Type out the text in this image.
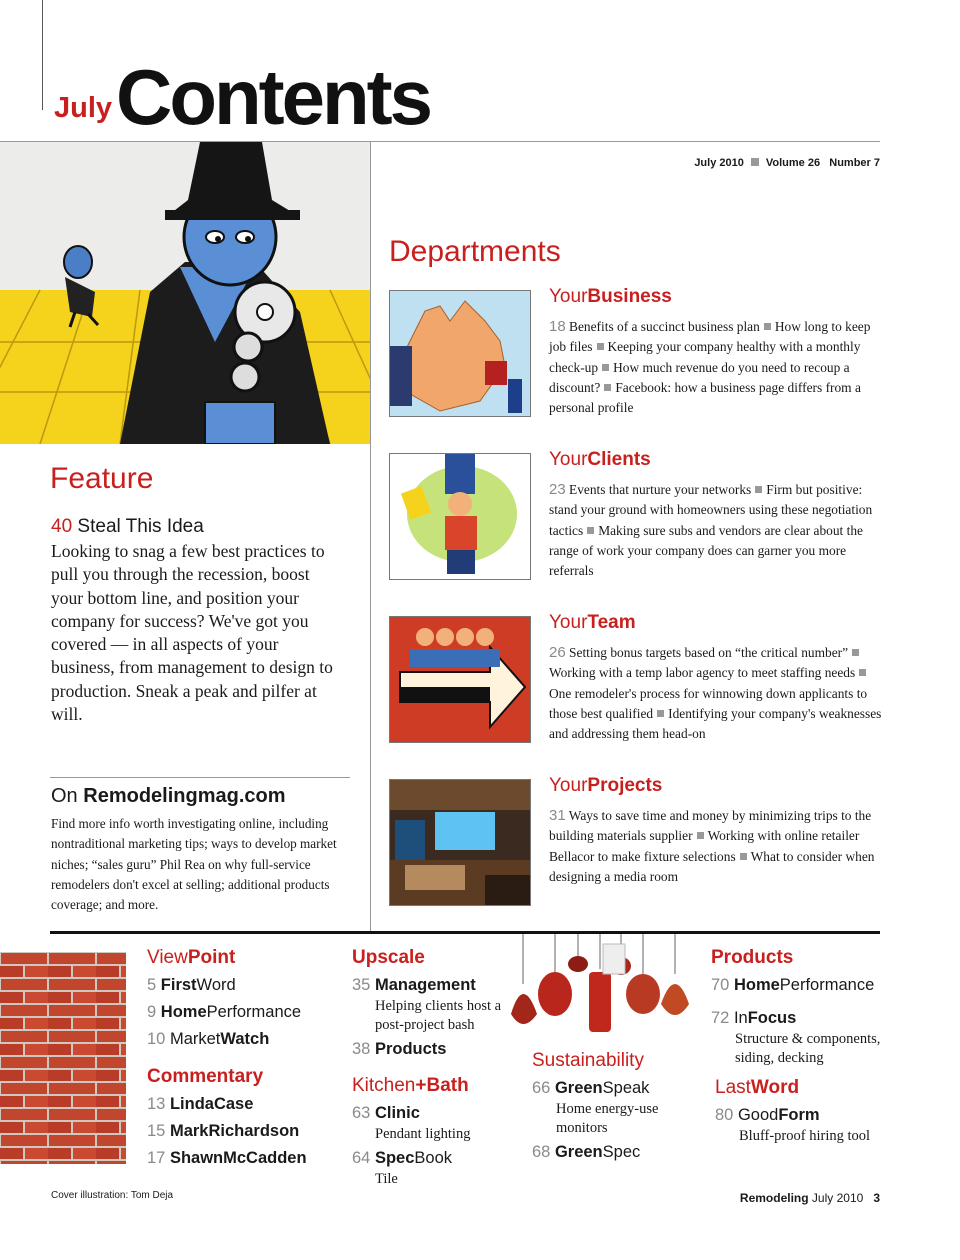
July Contents
July 2010 Volume 26 Number 7
Feature
40 Steal This Idea
Looking to snag a few best practices to pull you through the recession, boost your bottom line, and position your company for success? We've got you covered — in all aspects of your business, from management to design to production. Sneak a peak and pilfer at will.
On Remodelingmag.com
Find more info worth investigating online, including nontraditional marketing tips; ways to develop market niches; “sales guru” Phil Rea on why full-service remodelers don't excel at selling; additional products coverage; and more.
Departments
YourBusiness
18 Benefits of a succinct business plan How long to keep job files Keeping your company healthy with a monthly check-up How much revenue do you need to recoup a discount? Facebook: how a business page differs from a personal profile
YourClients
23 Events that nurture your networks Firm but positive: stand your ground with homeowners using these negotiation tactics Making sure subs and vendors are clear about the range of work your company does can garner you more referrals
YourTeam
26 Setting bonus targets based on “the critical number”Working with a temp labor agency to meet staffing needsOne remodeler's process for winnowing down applicants to those best qualified Identifying your company's weaknesses and addressing them head-on
YourProjects
31 Ways to save time and money by minimizing trips to the building materials supplier Working with online retailer Bellacor to make fixture selections What to consider when designing a media room
ViewPoint
5 FirstWord
9 HomePerformance
10 MarketWatch
Commentary
13 LindaCase
15 MarkRichardson
17 ShawnMcCadden
Upscale
35 Management
Helping clients host a post-project bash
38 Products
Kitchen+Bath
63 Clinic
Pendant lighting
64 SpecBook
Tile
Sustainability
66 GreenSpeak
Home energy-use monitors
68 GreenSpec
Products
70 HomePerformance
72 InFocus
Structure & components, siding, decking
LastWord
80 GoodForm
Bluff-proof hiring tool
Cover illustration: Tom Deja	Remodeling July 2010 3
